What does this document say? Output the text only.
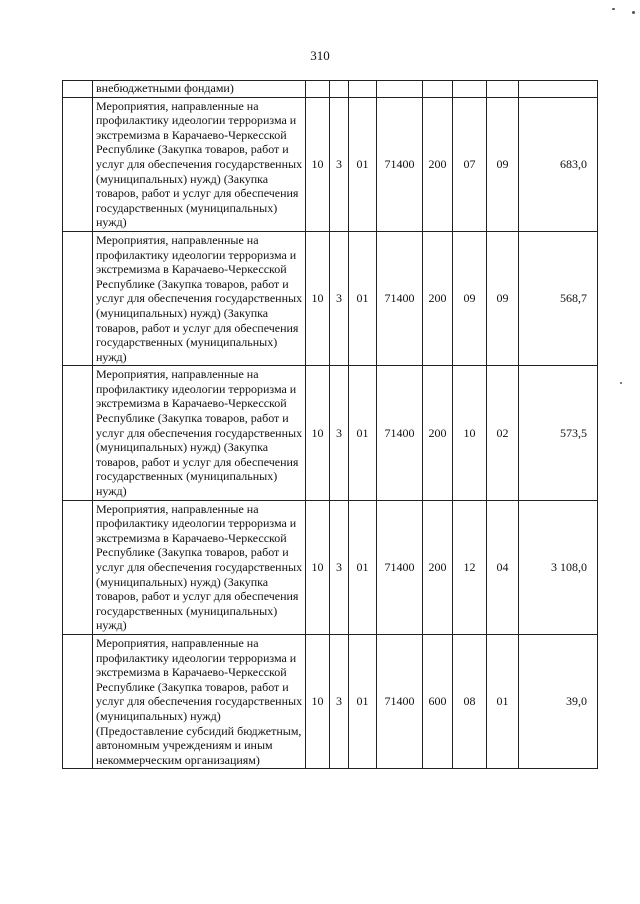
310
	внебюджетными фондами)								
	Мероприятия, направленные на профилактику идеологии терроризма и экстремизма в Карачаево-Черкесской Республике (Закупка товаров, работ и услуг для обеспечения государственных (муниципальных) нужд) (Закупка товаров, работ и услуг для обеспечения государственных (муниципальных) нужд)	10	3	01	71400	200	07	09	683,0
	Мероприятия, направленные на профилактику идеологии терроризма и экстремизма в Карачаево-Черкесской Республике (Закупка товаров, работ и услуг для обеспечения государственных (муниципальных) нужд) (Закупка товаров, работ и услуг для обеспечения государственных (муниципальных) нужд)	10	3	01	71400	200	09	09	568,7
	Мероприятия, направленные на профилактику идеологии терроризма и экстремизма в Карачаево-Черкесской Республике (Закупка товаров, работ и услуг для обеспечения государственных (муниципальных) нужд) (Закупка товаров, работ и услуг для обеспечения государственных (муниципальных) нужд)	10	3	01	71400	200	10	02	573,5
	Мероприятия, направленные на профилактику идеологии терроризма и экстремизма в Карачаево-Черкесской Республике (Закупка товаров, работ и услуг для обеспечения государственных (муниципальных) нужд) (Закупка товаров, работ и услуг для обеспечения государственных (муниципальных) нужд)	10	3	01	71400	200	12	04	3 108,0
	Мероприятия, направленные на профилактику идеологии терроризма и экстремизма в Карачаево-Черкесской Республике (Закупка товаров, работ и услуг для обеспечения государственных (муниципальных) нужд) (Предоставление субсидий бюджетным, автономным учреждениям и иным некоммерческим организациям)	10	3	01	71400	600	08	01	39,0
